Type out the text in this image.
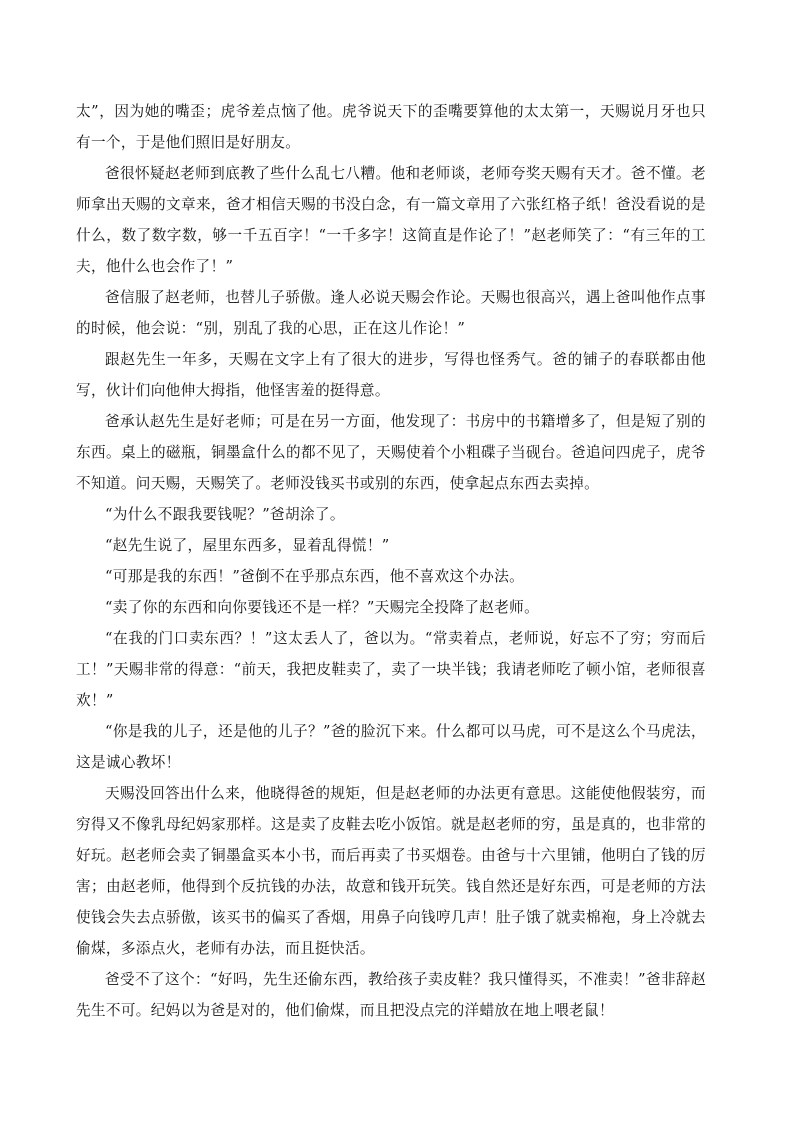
太”，因为她的嘴歪；虎爷差点恼了他。虎爷说天下的歪嘴要算他的太太第一，天赐说月牙也只有一个，于是他们照旧是好朋友。

爸很怀疑赵老师到底教了些什么乱七八糟。他和老师谈，老师夸奖天赐有天才。爸不懂。老师拿出天赐的文章来，爸才相信天赐的书没白念，有一篇文章用了六张红格子纸！爸没看说的是什么，数了数字数，够一千五百字！“一千多字！这简直是作论了！”赵老师笑了：“有三年的工夫，他什么也会作了！”

爸信服了赵老师，也替儿子骄傲。逢人必说天赐会作论。天赐也很高兴，遇上爸叫他作点事的时候，他会说：“别，别乱了我的心思，正在这儿作论！”

跟赵先生一年多，天赐在文字上有了很大的进步，写得也怪秀气。爸的铺子的春联都由他写，伙计们向他伸大拇指，他怪害羞的挺得意。

爸承认赵先生是好老师；可是在另一方面，他发现了：书房中的书籍增多了，但是短了别的东西。桌上的磁瓶，铜墨盒什么的都不见了，天赐使着个小粗碟子当砚台。爸追问四虎子，虎爷不知道。问天赐，天赐笑了。老师没钱买书或别的东西，使拿起点东西去卖掉。

“为什么不跟我要钱呢？”爸胡涂了。

“赵先生说了，屋里东西多，显着乱得慌！”

“可那是我的东西！”爸倒不在乎那点东西，他不喜欢这个办法。

“卖了你的东西和向你要钱还不是一样？”天赐完全投降了赵老师。

“在我的门口卖东西？！”这太丢人了，爸以为。“常卖着点，老师说，好忘不了穷；穷而后工！”天赐非常的得意：“前天，我把皮鞋卖了，卖了一块半钱；我请老师吃了顿小馆，老师很喜欢！”

“你是我的儿子，还是他的儿子？”爸的脸沉下来。什么都可以马虎，可不是这么个马虎法，这是诚心教坏！

天赐没回答出什么来，他晓得爸的规矩，但是赵老师的办法更有意思。这能使他假装穷，而穷得又不像乳母纪妈家那样。这是卖了皮鞋去吃小饭馆。就是赵老师的穷，虽是真的，也非常的好玩。赵老师会卖了铜墨盒买本小书，而后再卖了书买烟卷。由爸与十六里铺，他明白了钱的厉害；由赵老师，他得到个反抗钱的办法，故意和钱开玩笑。钱自然还是好东西，可是老师的方法使钱会失去点骄傲，该买书的偏买了香烟，用鼻子向钱哼几声！肚子饿了就卖棉袍，身上冷就去偷煤，多添点火，老师有办法，而且挺快活。

爸受不了这个：“好吗，先生还偷东西，教给孩子卖皮鞋？我只懂得买，不准卖！”爸非辞赵先生不可。纪妈以为爸是对的，他们偷煤，而且把没点完的洋蜡放在地上喂老鼠！
